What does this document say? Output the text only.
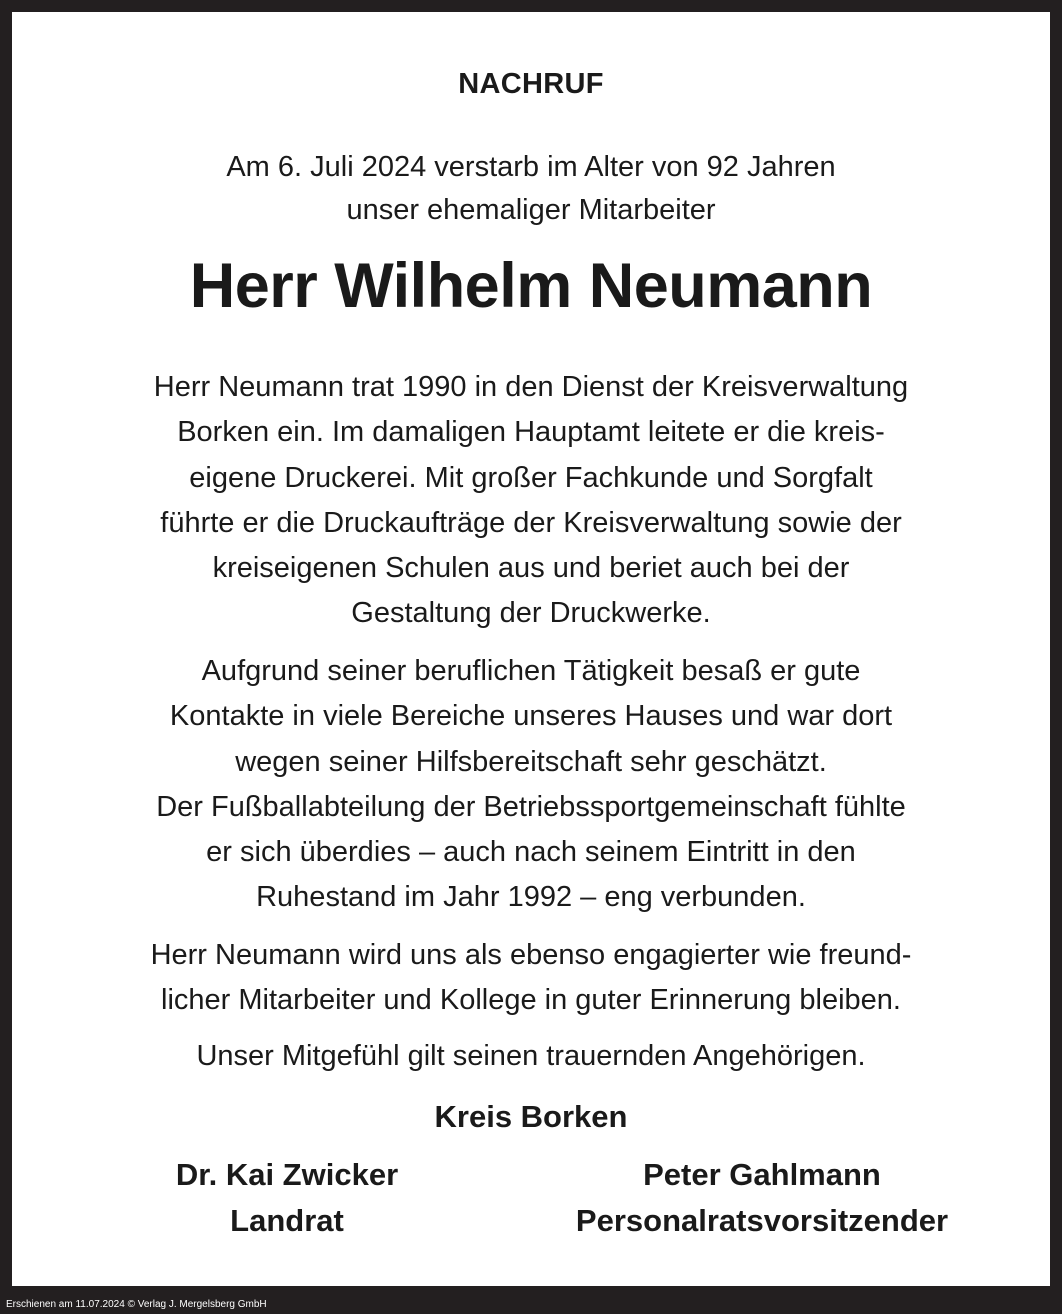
NACHRUF
Am 6. Juli 2024 verstarb im Alter von 92 Jahren
unser ehemaliger Mitarbeiter
Herr Wilhelm Neumann
Herr Neumann trat 1990 in den Dienst der Kreisverwaltung
Borken ein. Im damaligen Hauptamt leitete er die kreis-
eigene Druckerei. Mit großer Fachkunde und Sorgfalt
führte er die Druckaufträge der Kreisverwaltung sowie der
kreiseigenen Schulen aus und beriet auch bei der
Gestaltung der Druckwerke.
Aufgrund seiner beruflichen Tätigkeit besaß er gute
Kontakte in viele Bereiche unseres Hauses und war dort
wegen seiner Hilfsbereitschaft sehr geschätzt.
Der Fußballabteilung der Betriebssportgemeinschaft fühlte
er sich überdies – auch nach seinem Eintritt in den
Ruhestand im Jahr 1992 – eng verbunden.
Herr Neumann wird uns als ebenso engagierter wie freund-
licher Mitarbeiter und Kollege in guter Erinnerung bleiben.
Unser Mitgefühl gilt seinen trauernden Angehörigen.
Kreis Borken
Dr. Kai Zwicker
Landrat
Peter Gahlmann
Personalratsvorsitzender
Erschienen am 11.07.2024 © Verlag J. Mergelsberg GmbH
